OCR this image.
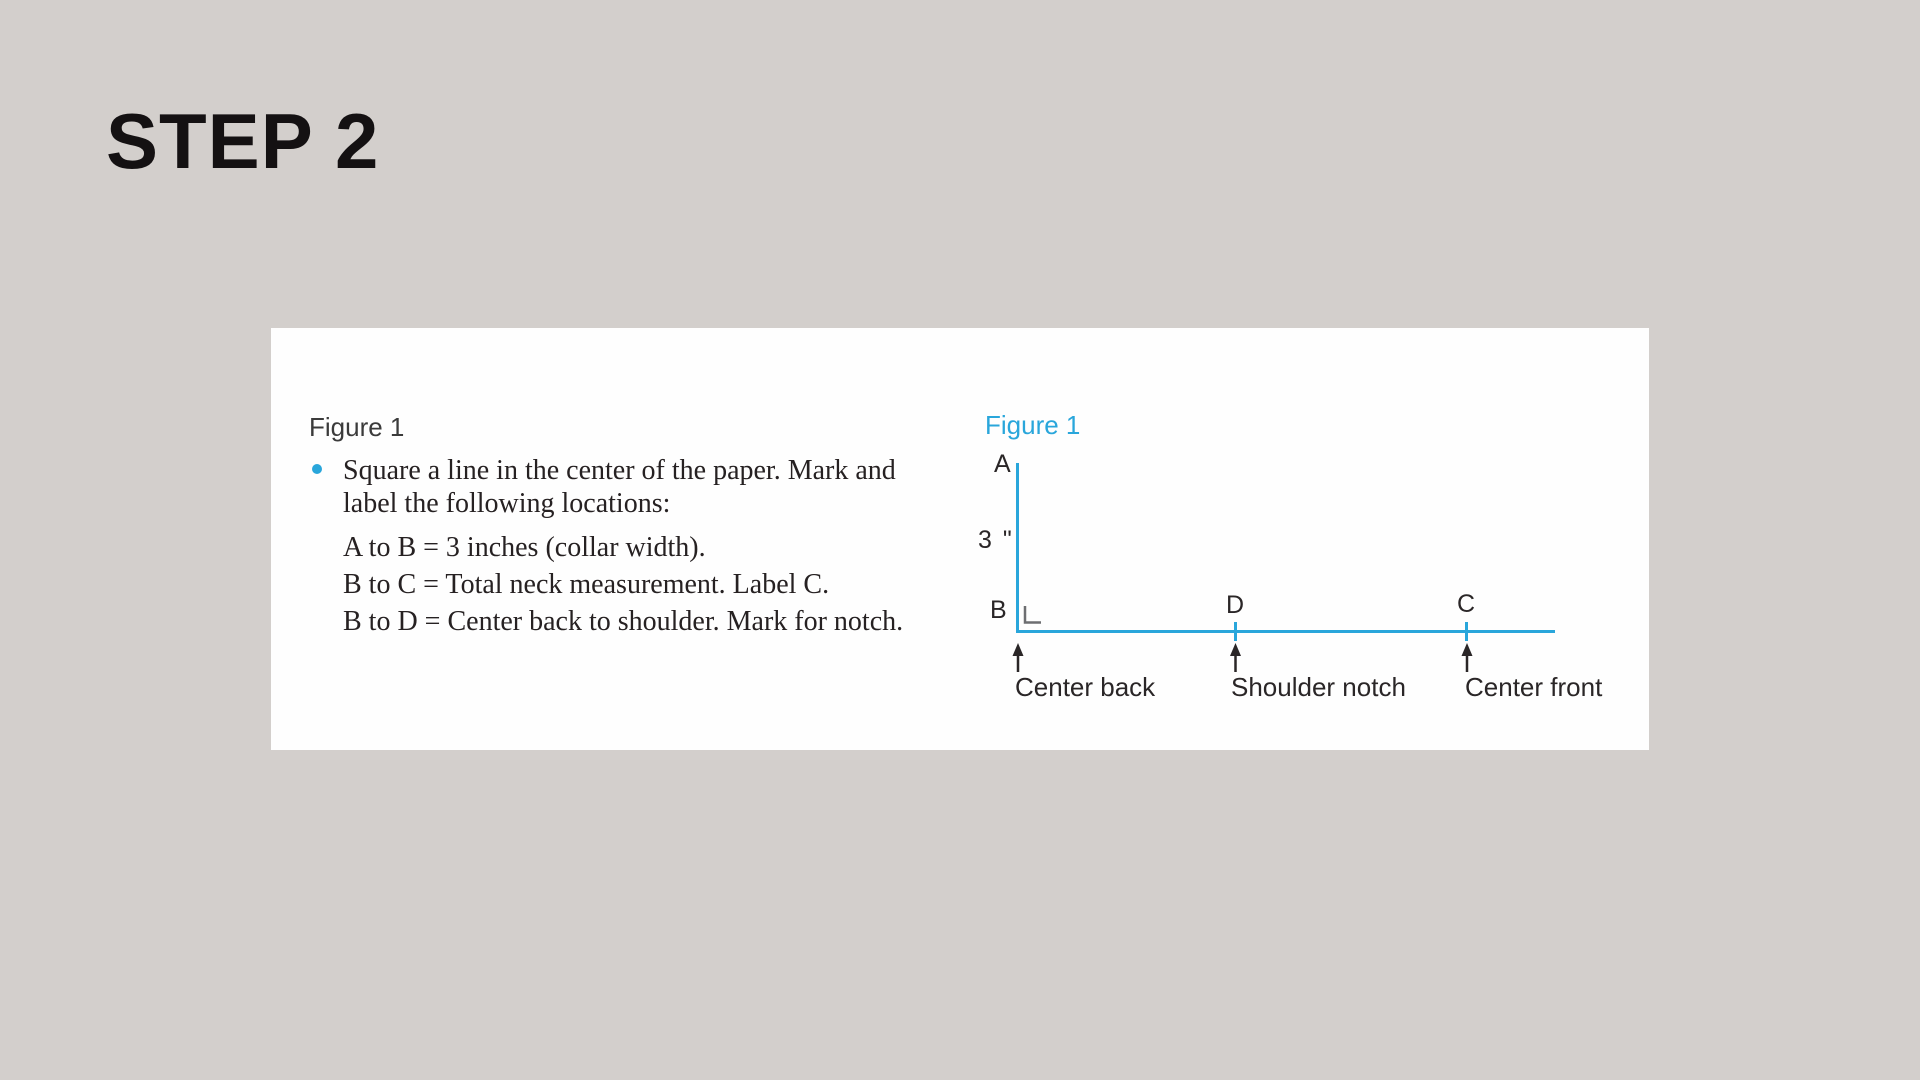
STEP 2
Figure 1
Square a line in the center of the paper. Mark and
label the following locations:
A to B = 3 inches (collar width).
B to C = Total neck measurement. Label C.
B to D = Center back to shoulder. Mark for notch.
Figure 1
A
3 "
B	D	C
Center back	Shoulder notch Center front
